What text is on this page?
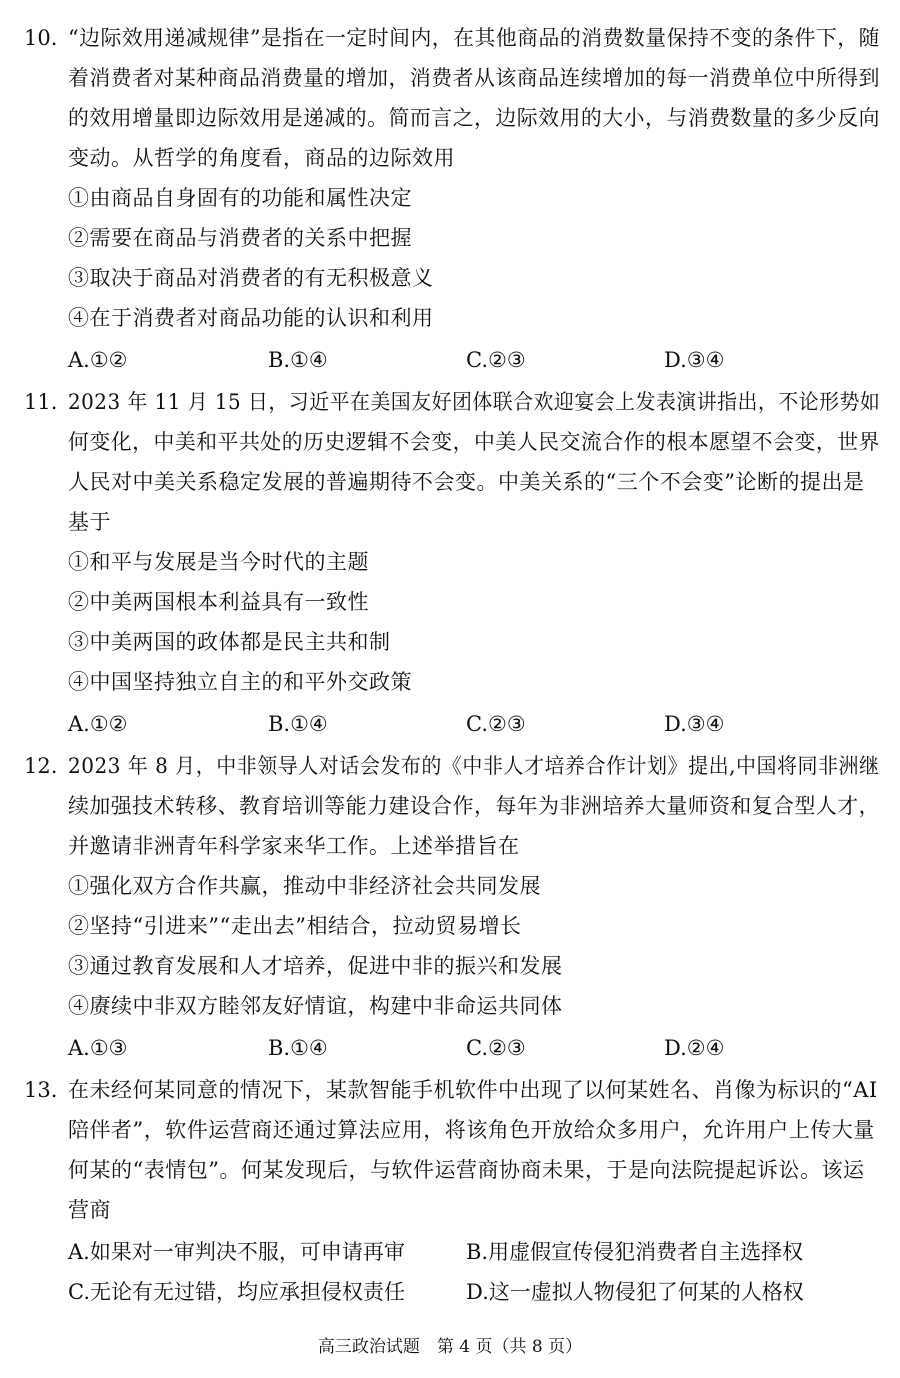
10. “边际效用递减规律”是指在一定时间内，在其他商品的消费数量保持不变的条件下，随
着消费者对某种商品消费量的增加，消费者从该商品连续增加的每一消费单位中所得到
的效用增量即边际效用是递减的。简而言之，边际效用的大小，与消费数量的多少反向
变动。从哲学的角度看，商品的边际效用
①由商品自身固有的功能和属性决定
②需要在商品与消费者的关系中把握
③取决于商品对消费者的有无积极意义
④在于消费者对商品功能的认识和利用
A.①②	B.①④	C.②③	D.③④
11. 2023 年 11 月 15 日，习近平在美国友好团体联合欢迎宴会上发表演讲指出，不论形势如
何变化，中美和平共处的历史逻辑不会变，中美人民交流合作的根本愿望不会变，世界
人民对中美关系稳定发展的普遍期待不会变。中美关系的“三个不会变”论断的提出是
基于
①和平与发展是当今时代的主题
②中美两国根本利益具有一致性
③中美两国的政体都是民主共和制
④中国坚持独立自主的和平外交政策
A.①②	B.①④	C.②③	D.③④
12. 2023 年 8 月，中非领导人对话会发布的《中非人才培养合作计划》提出,中国将同非洲继
续加强技术转移、教育培训等能力建设合作，每年为非洲培养大量师资和复合型人才，
并邀请非洲青年科学家来华工作。上述举措旨在
①强化双方合作共赢，推动中非经济社会共同发展
②坚持“引进来”“走出去”相结合，拉动贸易增长
③通过教育发展和人才培养，促进中非的振兴和发展
④赓续中非双方睦邻友好情谊，构建中非命运共同体
A.①③	B.①④	C.②③	D.②④
13. 在未经何某同意的情况下，某款智能手机软件中出现了以何某姓名、肖像为标识的“AI
陪伴者”，软件运营商还通过算法应用，将该角色开放给众多用户，允许用户上传大量
何某的“表情包”。何某发现后，与软件运营商协商未果，于是向法院提起诉讼。该运
营商
A.如果对一审判决不服，可申请再审	B.用虚假宣传侵犯消费者自主选择权
C.无论有无过错，均应承担侵权责任	D.这一虚拟人物侵犯了何某的人格权
高三政治试题　第 4 页（共 8 页）
